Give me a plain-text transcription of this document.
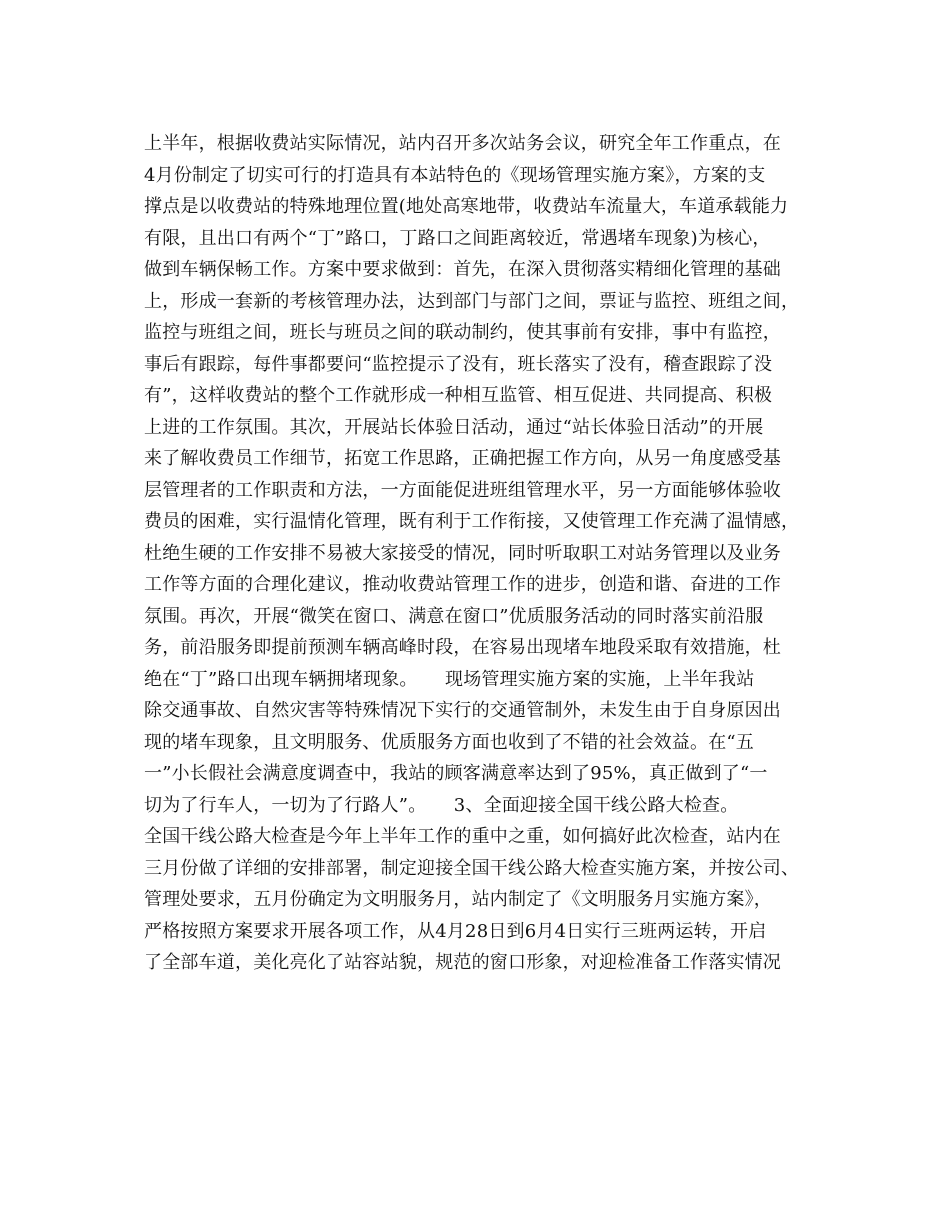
上半年，根据收费站实际情况，站内召开多次站务会议，研究全年工作重点，在
4月份制定了切实可行的打造具有本站特色的《现场管理实施方案》，方案的支
撑点是以收费站的特殊地理位置(地处高寒地带，收费站车流量大，车道承载能力
有限，且出口有两个“丁”路口，丁路口之间距离较近，常遇堵车现象)为核心，
做到车辆保畅工作。方案中要求做到：首先，在深入贯彻落实精细化管理的基础
上，形成一套新的考核管理办法，达到部门与部门之间，票证与监控、班组之间，
监控与班组之间，班长与班员之间的联动制约，使其事前有安排，事中有监控，
事后有跟踪，每件事都要问“监控提示了没有，班长落实了没有，稽查跟踪了没
有”，这样收费站的整个工作就形成一种相互监管、相互促进、共同提高、积极
上进的工作氛围。其次，开展站长体验日活动，通过“站长体验日活动”的开展
来了解收费员工作细节，拓宽工作思路，正确把握工作方向，从另一角度感受基
层管理者的工作职责和方法，一方面能促进班组管理水平，另一方面能够体验收
费员的困难，实行温情化管理，既有利于工作衔接，又使管理工作充满了温情感，
杜绝生硬的工作安排不易被大家接受的情况，同时听取职工对站务管理以及业务
工作等方面的合理化建议，推动收费站管理工作的进步，创造和谐、奋进的工作
氛围。再次，开展“微笑在窗口、满意在窗口”优质服务活动的同时落实前沿服
务，前沿服务即提前预测车辆高峰时段，在容易出现堵车地段采取有效措施，杜
绝在“丁”路口出现车辆拥堵现象。　　现场管理实施方案的实施，上半年我站
除交通事故、自然灾害等特殊情况下实行的交通管制外，未发生由于自身原因出
现的堵车现象，且文明服务、优质服务方面也收到了不错的社会效益。在“五
一”小长假社会满意度调查中，我站的顾客满意率达到了95%，真正做到了“一
切为了行车人，一切为了行路人”。　　3、全面迎接全国干线公路大检查。
全国干线公路大检查是今年上半年工作的重中之重，如何搞好此次检查，站内在
三月份做了详细的安排部署，制定迎接全国干线公路大检查实施方案，并按公司、
管理处要求，五月份确定为文明服务月，站内制定了《文明服务月实施方案》，
严格按照方案要求开展各项工作，从4月28日到6月4日实行三班两运转，开启
了全部车道，美化亮化了站容站貌，规范的窗口形象，对迎检准备工作落实情况
